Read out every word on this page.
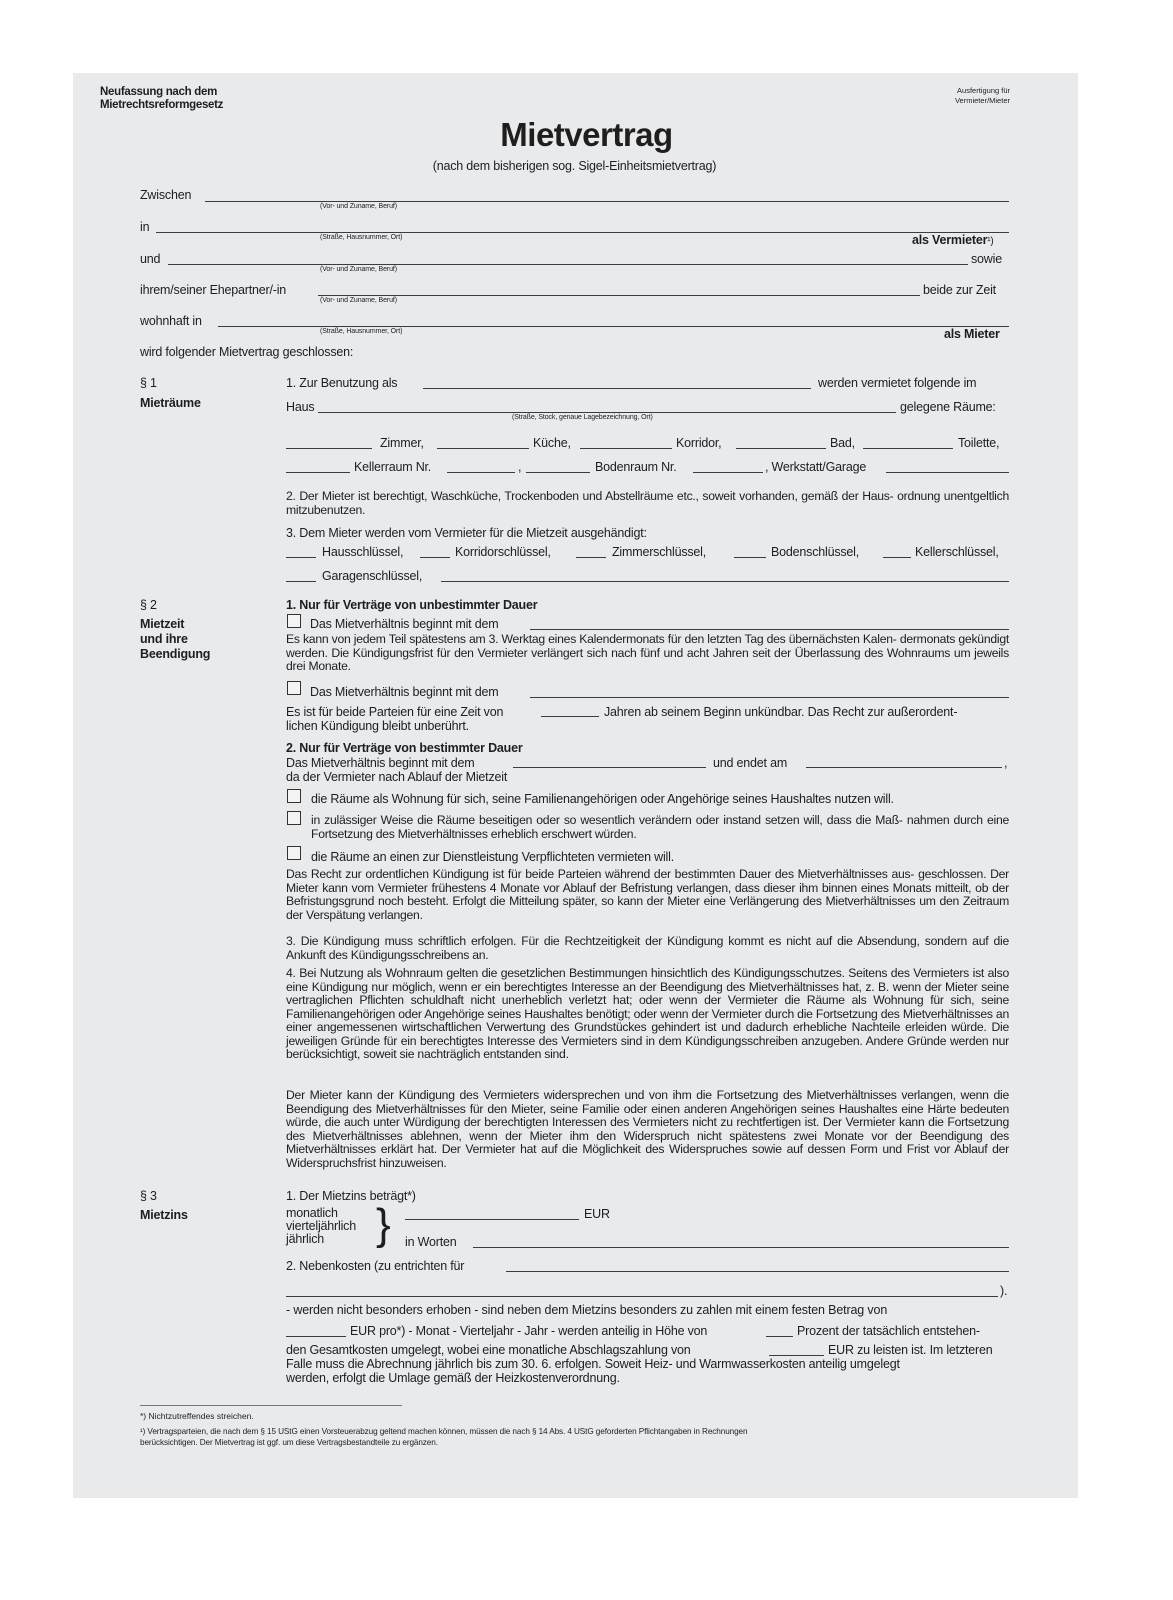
Neufassung nach dem
Mietrechtsreformgesetz
Ausfertigung für
Vermieter/Mieter
Mietvertrag
(nach dem bisherigen sog. Sigel-Einheitsmietvertrag)
Zwischen
(Vor- und Zuname, Beruf)
in
(Straße, Hausnummer, Ort)	als Vermieter¹)
und	sowie
(Vor- und Zuname, Beruf)
ihrem/seiner Ehepartner/-in	beide zur Zeit
(Vor- und Zuname, Beruf)
wohnhaft in
(Straße, Hausnummer, Ort)	als Mieter
wird folgender Mietvertrag geschlossen:
§ 1
Mieträume
1. Zur Benutzung als	werden vermietet folgende im
Haus	gelegene Räume:
(Straße, Stock, genaue Lagebezeichnung, Ort)
Zimmer,	Küche,	Korridor,	Bad,	Toilette,
Kellerraum Nr.	,	Bodenraum Nr.	, Werkstatt/Garage
2. Der Mieter ist berechtigt, Waschküche, Trockenboden und Abstellräume etc., soweit vorhanden, gemäß der Haus- ordnung unentgeltlich mitzubenutzen.
3. Dem Mieter werden vom Vermieter für die Mietzeit ausgehändigt:
Hausschlüssel,	Korridorschlüssel,	Zimmerschlüssel,	Bodenschlüssel,	Kellerschlüssel,
Garagenschlüssel,
§ 2
Mietzeit
und ihre
Beendigung
1. Nur für Verträge von unbestimmter Dauer
Das Mietverhältnis beginnt mit dem
Es kann von jedem Teil spätestens am 3. Werktag eines Kalendermonats für den letzten Tag des übernächsten Kalen- dermonats gekündigt werden. Die Kündigungsfrist für den Vermieter verlängert sich nach fünf und acht Jahren seit der Überlassung des Wohnraums um jeweils drei Monate.
Das Mietverhältnis beginnt mit dem
Es ist für beide Parteien für eine Zeit von	Jahren ab seinem Beginn unkündbar. Das Recht zur außerordent-
lichen Kündigung bleibt unberührt.
2. Nur für Verträge von bestimmter Dauer
Das Mietverhältnis beginnt mit dem	und endet am	,
da der Vermieter nach Ablauf der Mietzeit
die Räume als Wohnung für sich, seine Familienangehörigen oder Angehörige seines Haushaltes nutzen will.
in zulässiger Weise die Räume beseitigen oder so wesentlich verändern oder instand setzen will, dass die Maß- nahmen durch eine Fortsetzung des Mietverhältnisses erheblich erschwert würden.
die Räume an einen zur Dienstleistung Verpflichteten vermieten will.
Das Recht zur ordentlichen Kündigung ist für beide Parteien während der bestimmten Dauer des Mietverhältnisses aus- geschlossen. Der Mieter kann vom Vermieter frühestens 4 Monate vor Ablauf der Befristung verlangen, dass dieser ihm binnen eines Monats mitteilt, ob der Befristungsgrund noch besteht. Erfolgt die Mitteilung später, so kann der Mieter eine Verlängerung des Mietverhältnisses um den Zeitraum der Verspätung verlangen.
3. Die Kündigung muss schriftlich erfolgen. Für die Rechtzeitigkeit der Kündigung kommt es nicht auf die Absendung, sondern auf die Ankunft des Kündigungsschreibens an.
4. Bei Nutzung als Wohnraum gelten die gesetzlichen Bestimmungen hinsichtlich des Kündigungsschutzes. Seitens des Vermieters ist also eine Kündigung nur möglich, wenn er ein berechtigtes Interesse an der Beendigung des Mietverhältnisses hat, z. B. wenn der Mieter seine vertraglichen Pflichten schuldhaft nicht unerheblich verletzt hat; oder wenn der Vermieter die Räume als Wohnung für sich, seine Familienangehörigen oder Angehörige seines Haushaltes benötigt; oder wenn der Vermieter durch die Fortsetzung des Mietverhältnisses an einer angemessenen wirtschaftlichen Verwertung des Grundstückes gehindert ist und dadurch erhebliche Nachteile erleiden würde. Die jeweiligen Gründe für ein berechtigtes Interesse des Vermieters sind in dem Kündigungsschreiben anzugeben. Andere Gründe werden nur berücksichtigt, soweit sie nachträglich entstanden sind.
Der Mieter kann der Kündigung des Vermieters widersprechen und von ihm die Fortsetzung des Mietverhältnisses verlangen, wenn die Beendigung des Mietverhältnisses für den Mieter, seine Familie oder einen anderen Angehörigen seines Haushaltes eine Härte bedeuten würde, die auch unter Würdigung der berechtigten Interessen des Vermieters nicht zu rechtfertigen ist. Der Vermieter kann die Fortsetzung des Mietverhältnisses ablehnen, wenn der Mieter ihm den Widerspruch nicht spätestens zwei Monate vor der Beendigung des Mietverhältnisses erklärt hat. Der Vermieter hat auf die Möglichkeit des Widerspruches sowie auf dessen Form und Frist vor Ablauf der Widerspruchsfrist hinzuweisen.
§ 3
Mietzins
1. Der Mietzins beträgt*)
monatlich
vierteljährlich
jährlich	}	EUR
in Worten
2. Nebenkosten (zu entrichten für
).
- werden nicht besonders erhoben - sind neben dem Mietzins besonders zu zahlen mit einem festen Betrag von
EUR pro*) - Monat - Vierteljahr - Jahr - werden anteilig in Höhe von	Prozent der tatsächlich entstehen-
den Gesamtkosten umgelegt, wobei eine monatliche Abschlagszahlung von	EUR zu leisten ist. Im letzteren
Falle muss die Abrechnung jährlich bis zum 30. 6. erfolgen. Soweit Heiz- und Warmwasserkosten anteilig umgelegt
werden, erfolgt die Umlage gemäß der Heizkostenverordnung.
*) Nichtzutreffendes streichen.
¹) Vertragsparteien, die nach dem § 15 UStG einen Vorsteuerabzug geltend machen können, müssen die nach § 14 Abs. 4 UStG geforderten Pflichtangaben in Rechnungen
berücksichtigen. Der Mietvertrag ist ggf. um diese Vertragsbestandteile zu ergänzen.
